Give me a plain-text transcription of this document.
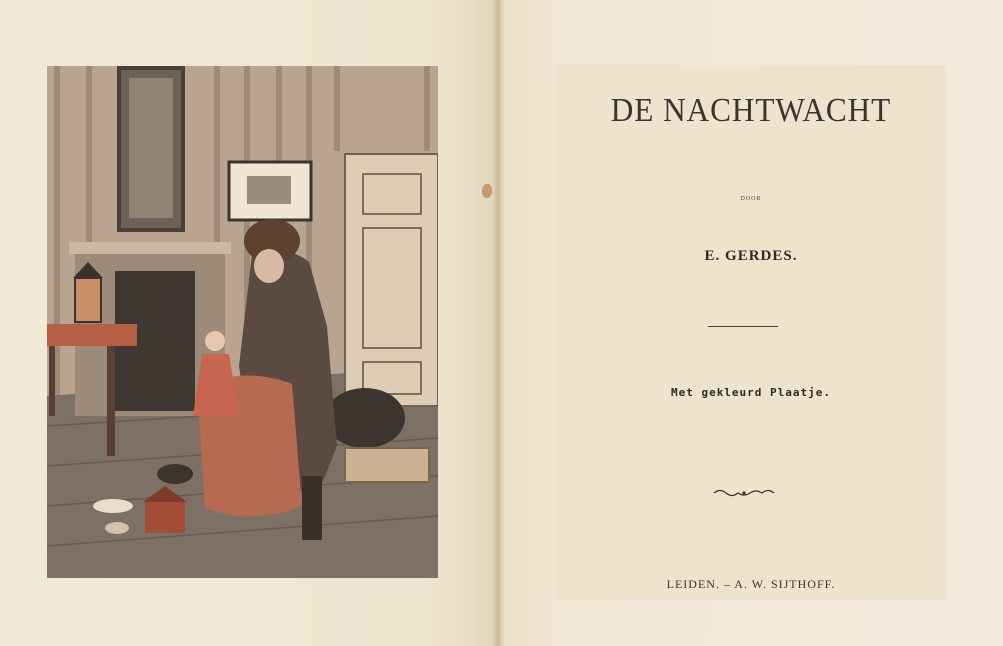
DE NACHTWACHT
DOOR
E. GERDES.
Met gekleurd Plaatje.
LEIDEN. – A. W. SIJTHOFF.
